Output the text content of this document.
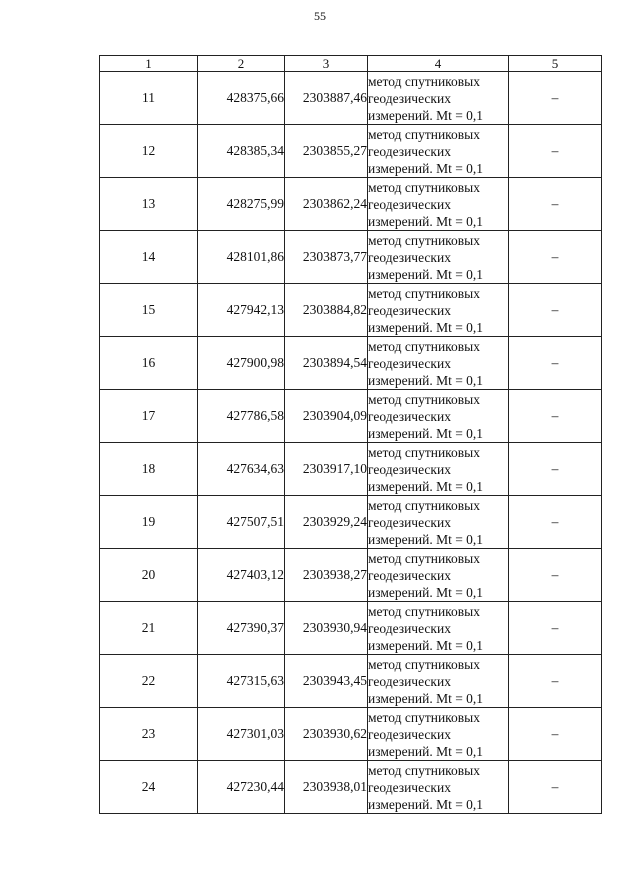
55
1	2	3	4	5
11	428375,66	2303887,46	метод спутниковых
геодезических
измерений. Mt = 0,1	–
12	428385,34	2303855,27	метод спутниковых
геодезических
измерений. Mt = 0,1	–
13	428275,99	2303862,24	метод спутниковых
геодезических
измерений. Mt = 0,1	–
14	428101,86	2303873,77	метод спутниковых
геодезических
измерений. Mt = 0,1	–
15	427942,13	2303884,82	метод спутниковых
геодезических
измерений. Mt = 0,1	–
16	427900,98	2303894,54	метод спутниковых
геодезических
измерений. Mt = 0,1	–
17	427786,58	2303904,09	метод спутниковых
геодезических
измерений. Mt = 0,1	–
18	427634,63	2303917,10	метод спутниковых
геодезических
измерений. Mt = 0,1	–
19	427507,51	2303929,24	метод спутниковых
геодезических
измерений. Mt = 0,1	–
20	427403,12	2303938,27	метод спутниковых
геодезических
измерений. Mt = 0,1	–
21	427390,37	2303930,94	метод спутниковых
геодезических
измерений. Mt = 0,1	–
22	427315,63	2303943,45	метод спутниковых
геодезических
измерений. Mt = 0,1	–
23	427301,03	2303930,62	метод спутниковых
геодезических
измерений. Mt = 0,1	–
24	427230,44	2303938,01	метод спутниковых
геодезических
измерений. Mt = 0,1	–
